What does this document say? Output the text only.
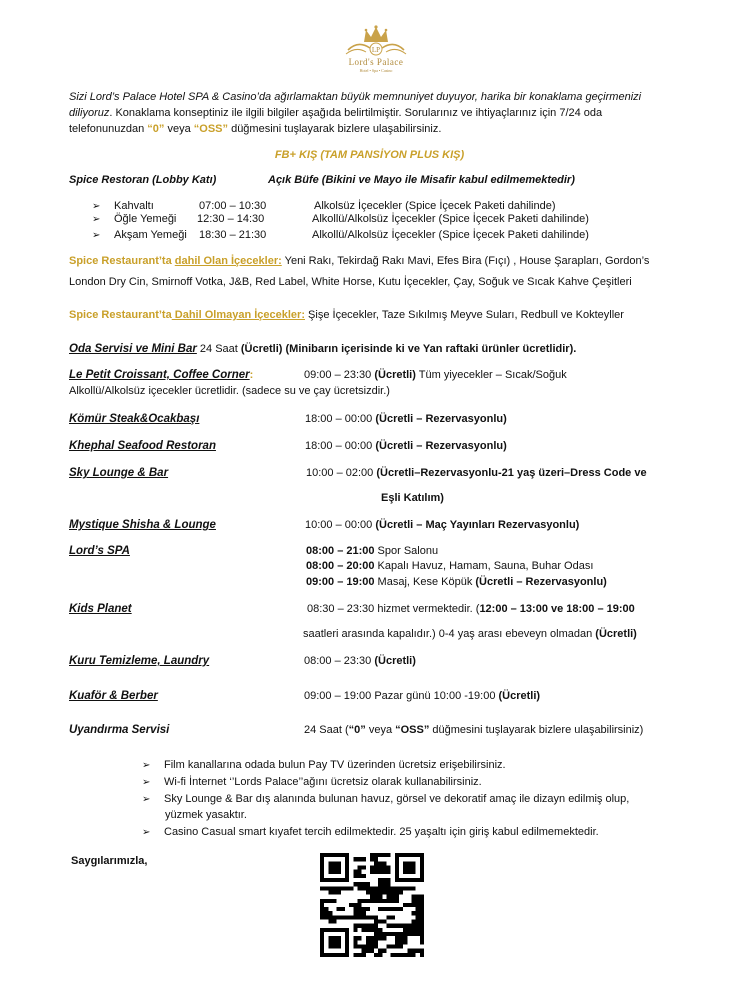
LP
Lord's Palace
Hotel • Spa • Casino
Sizi Lord’s Palace Hotel SPA & Casino’da ağırlamaktan büyük memnuniyet duyuyor, harika bir konaklama geçirmenizi
diliyoruz. Konaklama konseptiniz ile ilgili bilgiler aşağıda belirtilmiştir. Sorularınız ve ihtiyaçlarınız için 7/24 oda
telefonunuzdan “0” veya “OSS” düğmesini tuşlayarak bizlere ulaşabilirsiniz.
FB+ KIŞ (TAM PANSİYON PLUS KIŞ)
Spice Restoran (Lobby Katı)	Açık Büfe (Bikini ve Mayo ile Misafir kabul edilmemektedir)
➢ Kahvaltı	07:00 – 10:30	Alkolsüz İçecekler (Spice İçecek Paketi dahilinde)
➢ Öğle Yemeği 12:30 – 14:30	Alkollü/Alkolsüz İçecekler (Spice İçecek Paketi dahilinde)
➢ Akşam Yemeği 18:30 – 21:30	Alkollü/Alkolsüz İçecekler (Spice İçecek Paketi dahilinde)
Spice Restaurant’ta dahil Olan İçecekler: Yeni Rakı, Tekirdağ Rakı Mavi, Efes Bira (Fıçı) , House Şarapları, Gordon’s
London Dry Cin, Smirnoff Votka, J&B, Red Label, White Horse, Kutu İçecekler, Çay, Soğuk ve Sıcak Kahve Çeşitleri
Spice Restaurant’ta Dahil Olmayan İçecekler: Şişe İçecekler, Taze Sıkılmış Meyve Suları, Redbull ve Kokteyller
Oda Servisi ve Mini Bar 24 Saat (Ücretli) (Minibarın içerisinde ki ve Yan raftaki ürünler ücretlidir).
Le Petit Croissant, Coffee Corner:	09:00 – 23:30 (Ücretli) Tüm yiyecekler – Sıcak/Soğuk
Alkollü/Alkolsüz içecekler ücretlidir. (sadece su ve çay ücretsizdir.)
Kömür Steak&Ocakbaşı	18:00 – 00:00 (Ücretli – Rezervasyonlu)
Khephal Seafood Restoran	18:00 – 00:00 (Ücretli – Rezervasyonlu)
Sky Lounge & Bar	10:00 – 02:00 (Ücretli–Rezervasyonlu-21 yaş üzeri–Dress Code ve
Eşli Katılım)
Mystique Shisha & Lounge	10:00 – 00:00 (Ücretli – Maç Yayınları Rezervasyonlu)
Lord’s SPA	08:00 – 21:00 Spor Salonu
08:00 – 20:00 Kapalı Havuz, Hamam, Sauna, Buhar Odası
09:00 – 19:00 Masaj, Kese Köpük (Ücretli – Rezervasyonlu)
Kids Planet	08:30 – 23:30 hizmet vermektedir. (12:00 – 13:00 ve 18:00 – 19:00
saatleri arasında kapalıdır.) 0-4 yaş arası ebeveyn olmadan (Ücretli)
Kuru Temizleme, Laundry	08:00 – 23:30 (Ücretli)
Kuaför & Berber	09:00 – 19:00 Pazar günü 10:00 -19:00 (Ücretli)
Uyandırma Servisi	24 Saat (“0” veya “OSS” düğmesini tuşlayarak bizlere ulaşabilirsiniz)
➢ Film kanallarına odada bulun Pay TV üzerinden ücretsiz erişebilirsiniz.
➢ Wi-fi İnternet ‘’Lords Palace’’ağını ücretsiz olarak kullanabilirsiniz.
➢ Sky Lounge & Bar dış alanında bulunan havuz, görsel ve dekoratif amaç ile dizayn edilmiş olup,
yüzmek yasaktır.
➢ Casino Casual smart kıyafet tercih edilmektedir. 25 yaşaltı için giriş kabul edilmemektedir.
Saygılarımızla,
